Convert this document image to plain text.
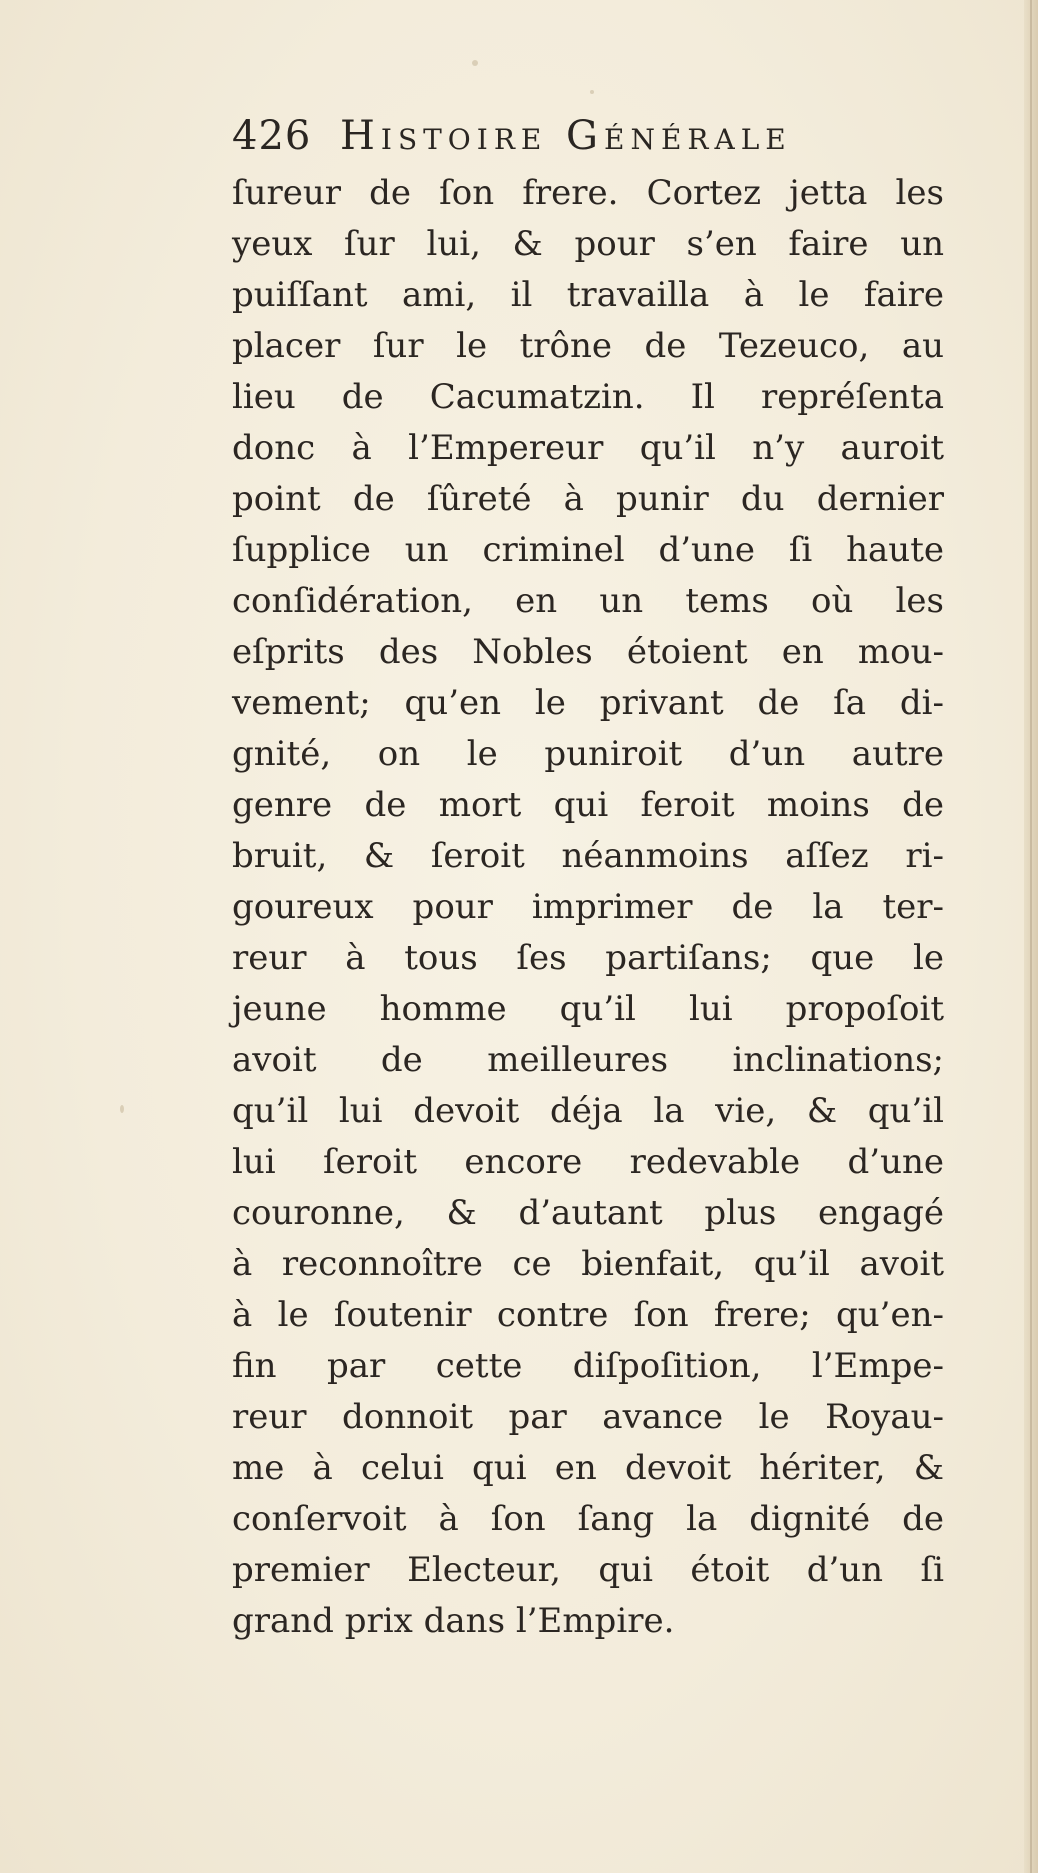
426 Histoire Générale
ſureur de ſon frere. Cortez jetta les
yeux ſur lui, & pour s’en faire un
puiſſant ami, il travailla à le faire
placer ſur le trône de Tezeuco, au
lieu de Cacumatzin. Il repréſenta
donc à l’Empereur qu’il n’y auroit
point de ſûreté à punir du dernier
ſupplice un criminel d’une ſi haute
conſidération, en un tems où les
eſprits des Nobles étoient en mou-
vement; qu’en le privant de ſa di-
gnité, on le puniroit d’un autre
genre de mort qui feroit moins de
bruit, & ſeroit néanmoins aſſez ri-
goureux pour imprimer de la ter-
reur à tous ſes partiſans; que le
jeune homme qu’il lui propoſoit
avoit de meilleures inclinations;
qu’il lui devoit déja la vie, & qu’il
lui ſeroit encore redevable d’une
couronne, & d’autant plus engagé
à reconnoître ce bienfait, qu’il avoit
à le ſoutenir contre ſon frere; qu’en-
fin par cette diſpoſition, l’Empe-
reur donnoit par avance le Royau-
me à celui qui en devoit hériter, &
conſervoit à ſon ſang la dignité de
premier Electeur, qui étoit d’un ſi
grand prix dans l’Empire.
